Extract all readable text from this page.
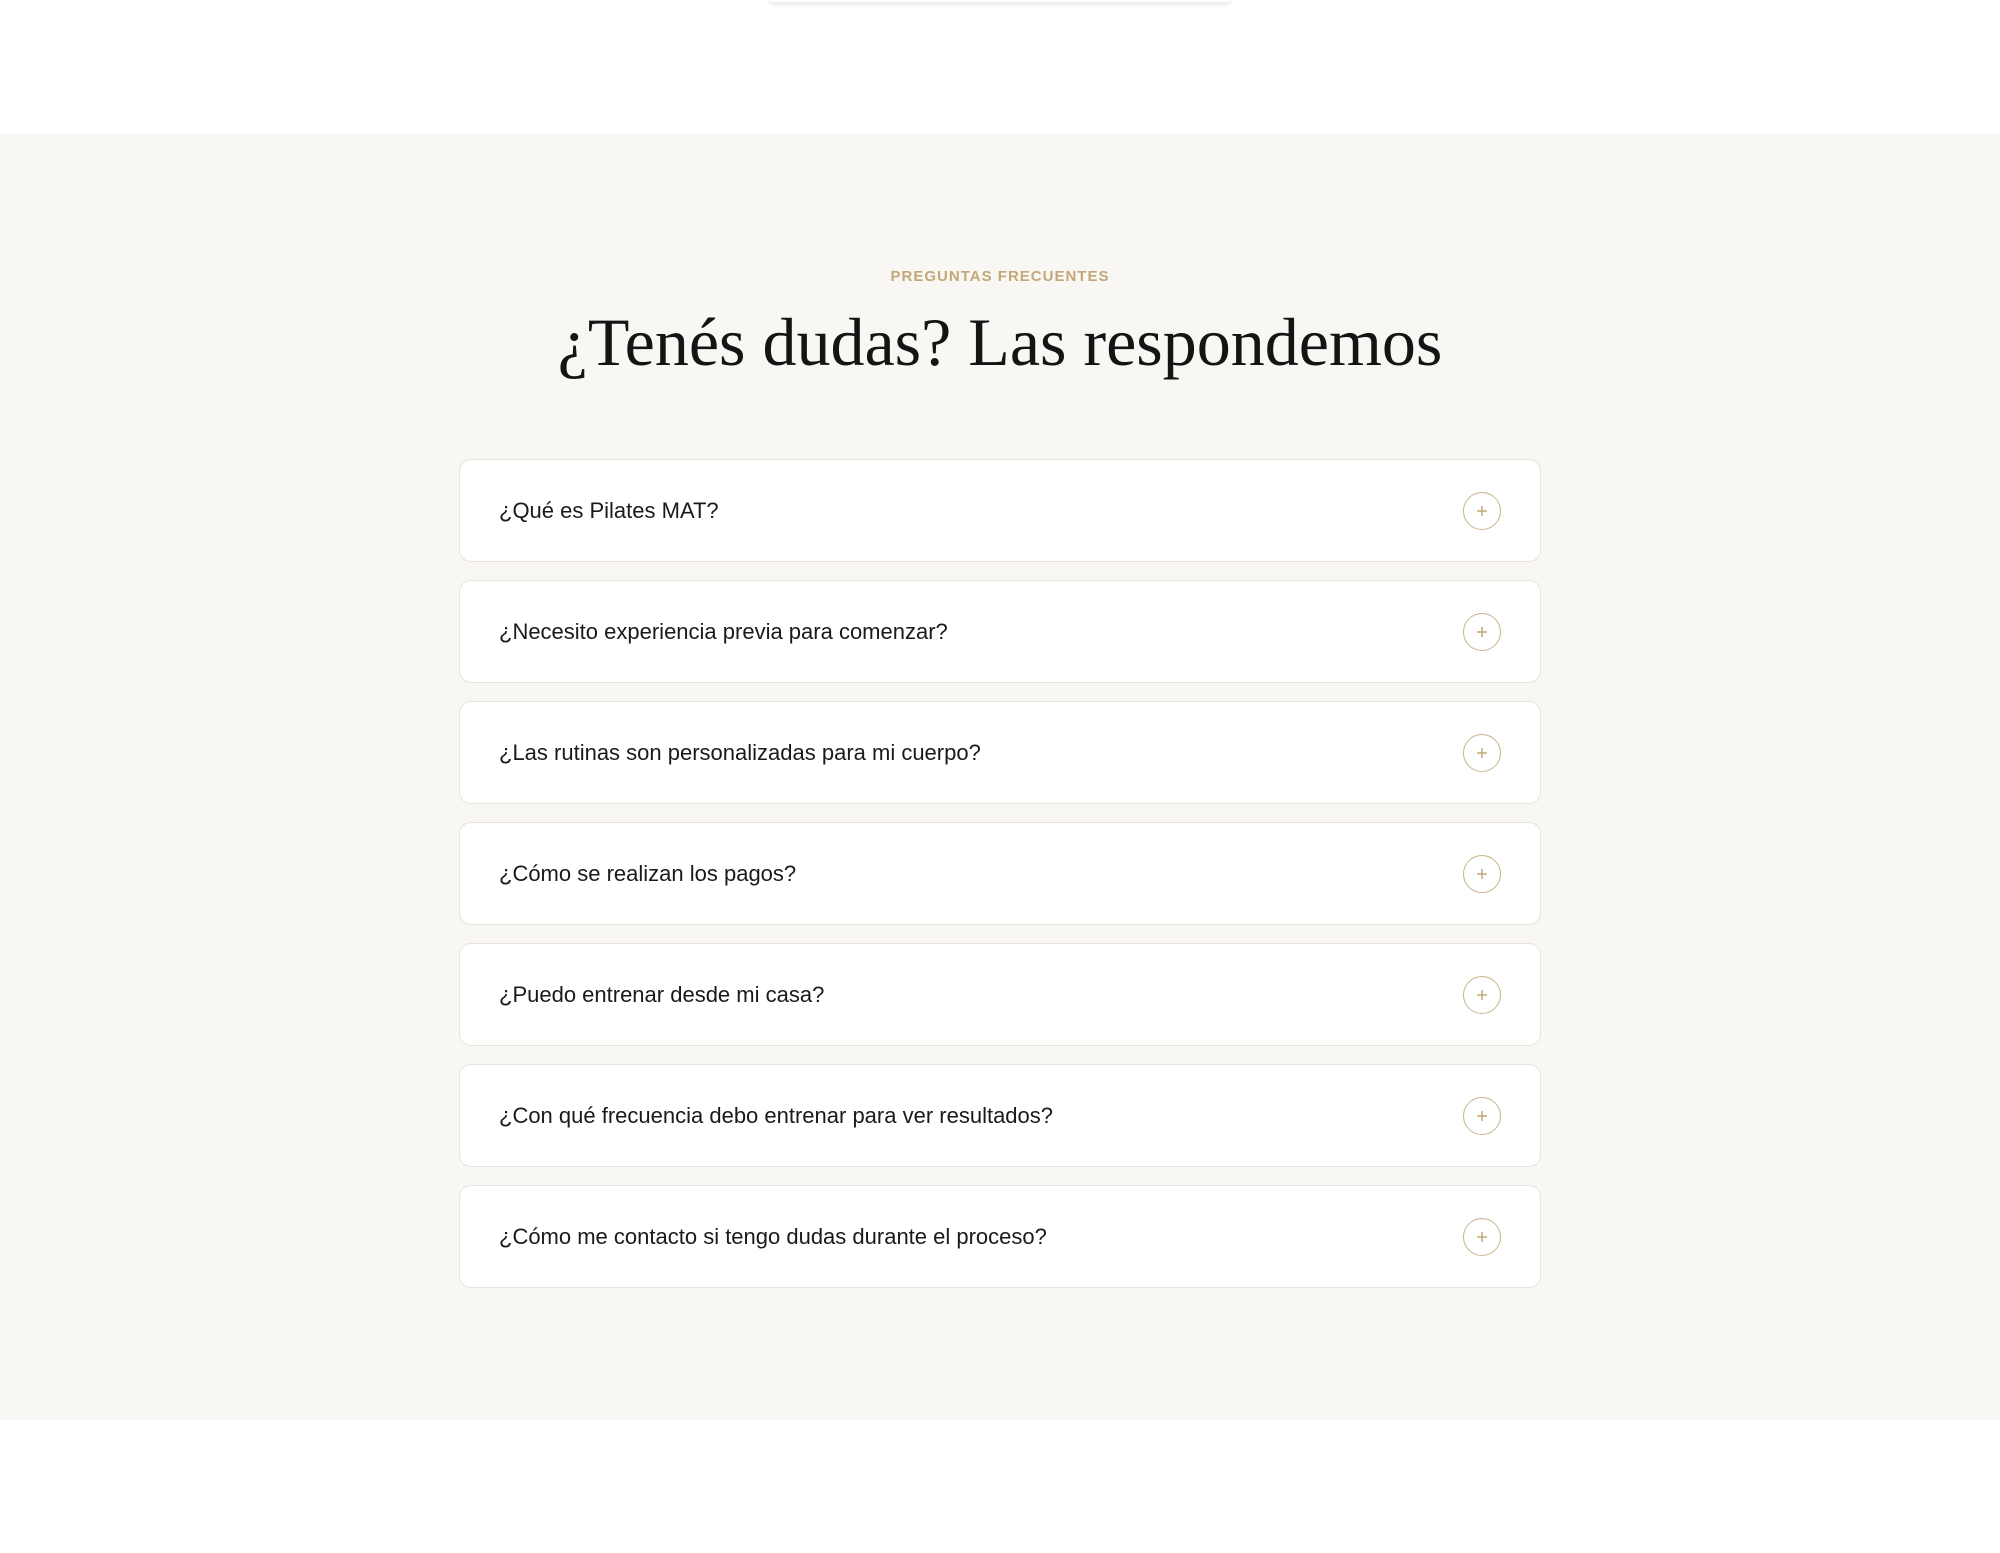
PREGUNTAS FRECUENTES
¿Tenés dudas? Las respondemos
¿Qué es Pilates MAT?
¿Necesito experiencia previa para comenzar?
¿Las rutinas son personalizadas para mi cuerpo?
¿Cómo se realizan los pagos?
¿Puedo entrenar desde mi casa?
¿Con qué frecuencia debo entrenar para ver resultados?
¿Cómo me contacto si tengo dudas durante el proceso?
